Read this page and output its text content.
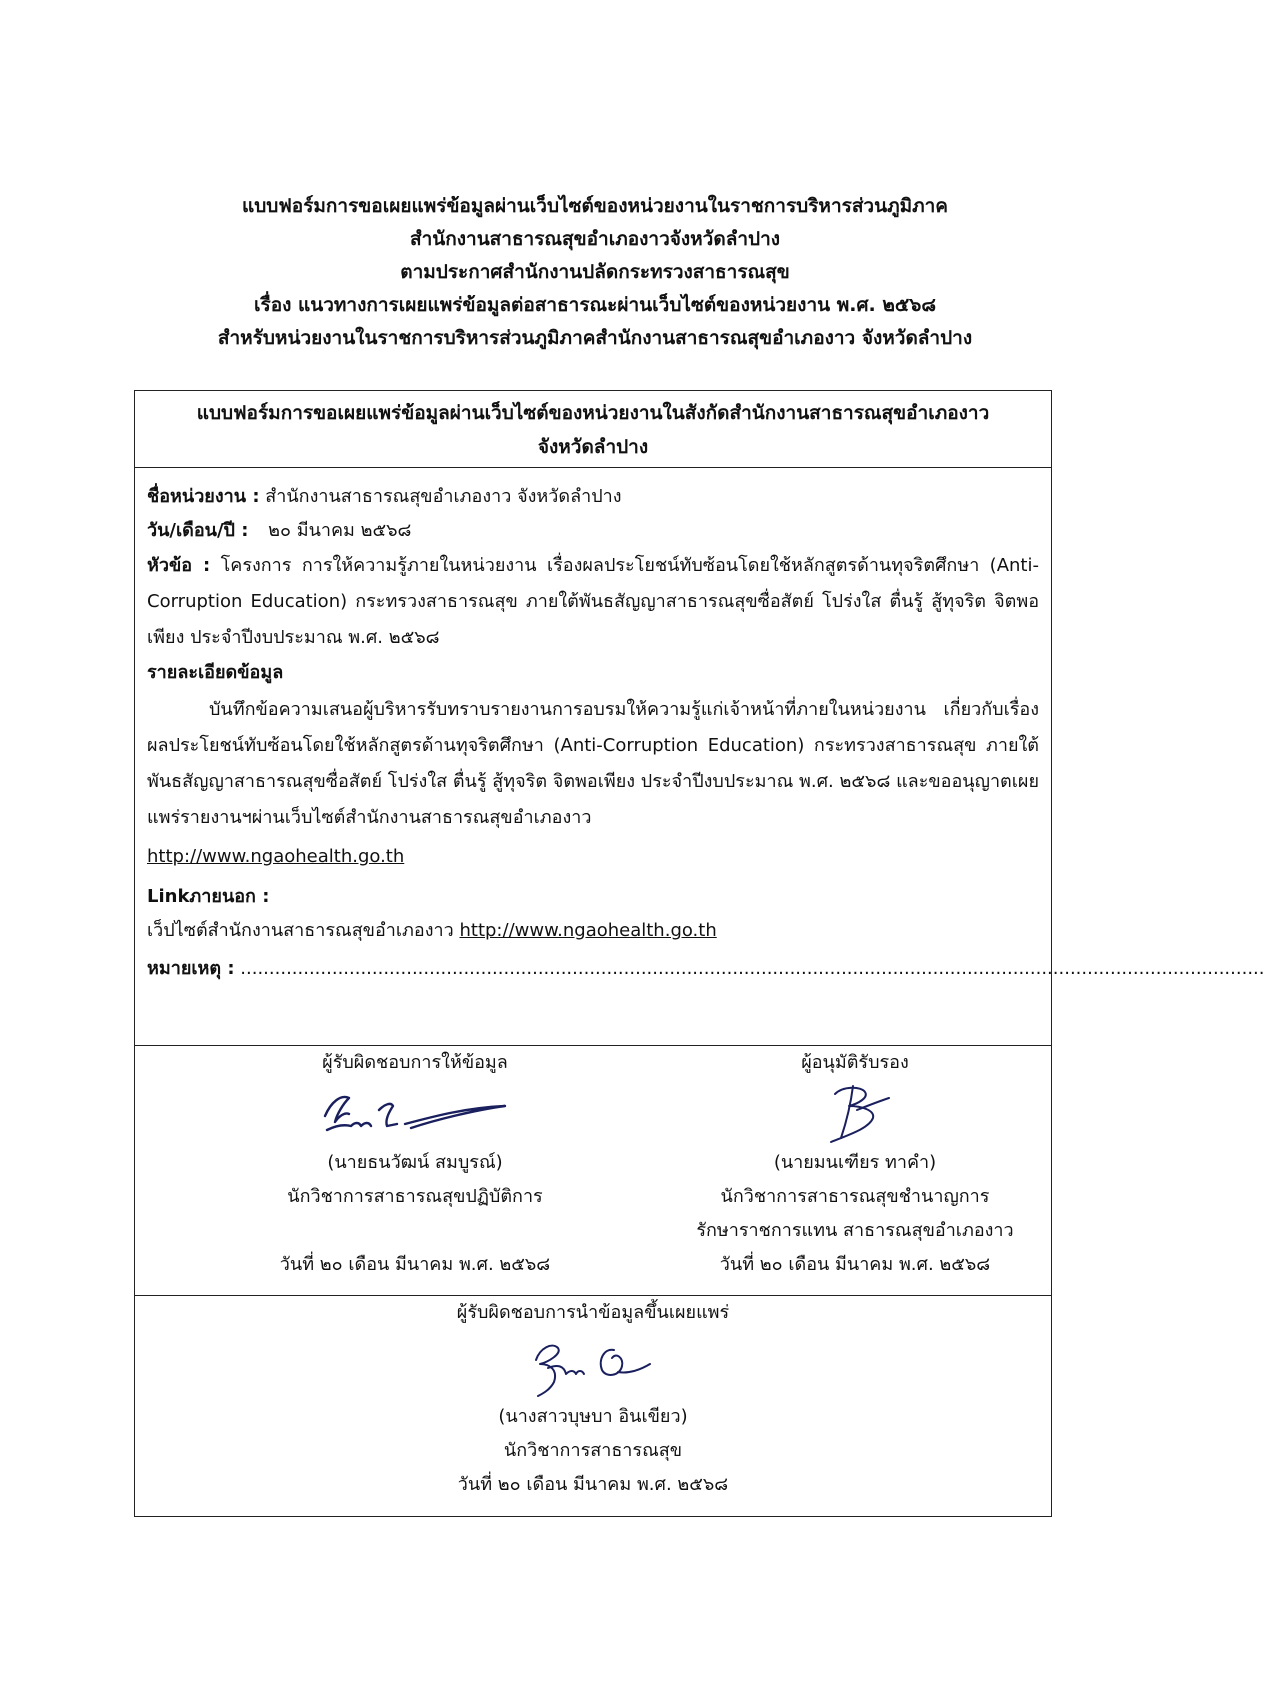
แบบฟอร์มการขอเผยแพร่ข้อมูลผ่านเว็บไซต์ของหน่วยงานในราชการบริหารส่วนภูมิภาค
สำนักงานสาธารณสุขอำเภองาวจังหวัดลำปาง
ตามประกาศสำนักงานปลัดกระทรวงสาธารณสุข
เรื่อง แนวทางการเผยแพร่ข้อมูลต่อสาธารณะผ่านเว็บไซต์ของหน่วยงาน พ.ศ. ๒๕๖๘
สำหรับหน่วยงานในราชการบริหารส่วนภูมิภาคสำนักงานสาธารณสุขอำเภองาว จังหวัดลำปาง
แบบฟอร์มการขอเผยแพร่ข้อมูลผ่านเว็บไซต์ของหน่วยงานในสังกัดสำนักงานสาธารณสุขอำเภองาว
จังหวัดลำปาง
ชื่อหน่วยงาน : สำนักงานสาธารณสุขอำเภองาว จังหวัดลำปาง
วัน/เดือน/ปี : ๒๐ มีนาคม ๒๕๖๘
หัวข้อ : โครงการ การให้ความรู้ภายในหน่วยงาน เรื่องผลประโยชน์ทับซ้อนโดยใช้หลักสูตรด้านทุจริตศึกษา (Anti-Corruption Education) กระทรวงสาธารณสุข ภายใต้พันธสัญญาสาธารณสุขซื่อสัตย์ โปร่งใส ตื่นรู้ สู้ทุจริต จิตพอเพียง ประจำปีงบประมาณ พ.ศ. ๒๕๖๘
รายละเอียดข้อมูล
บันทึกข้อความเสนอผู้บริหารรับทราบรายงานการอบรมให้ความรู้แก่เจ้าหน้าที่ภายในหน่วยงาน เกี่ยวกับเรื่องผลประโยชน์ทับซ้อนโดยใช้หลักสูตรด้านทุจริตศึกษา (Anti-Corruption Education) กระทรวงสาธารณสุข ภายใต้พันธสัญญาสาธารณสุขซื่อสัตย์ โปร่งใส ตื่นรู้ สู้ทุจริต จิตพอเพียง ประจำปีงบประมาณ พ.ศ. ๒๕๖๘ และขออนุญาตเผยแพร่รายงานฯผ่านเว็บไซต์สำนักงานสาธารณสุขอำเภองาว
http://www.ngaohealth.go.th
Linkภายนอก :
เว็ปไซต์สำนักงานสาธารณสุขอำเภองาว http://www.ngaohealth.go.th
หมายเหตุ : ...................................................................................................................................................................................
ผู้รับผิดชอบการให้ข้อมูล
(นายธนวัฒน์ สมบูรณ์)
นักวิชาการสาธารณสุขปฏิบัติการ
วันที่ ๒๐ เดือน มีนาคม พ.ศ. ๒๕๖๘
ผู้อนุมัติรับรอง
(นายมนเฑียร ทาคำ)
นักวิชาการสาธารณสุขชำนาญการ
รักษาราชการแทน สาธารณสุขอำเภองาว
วันที่ ๒๐ เดือน มีนาคม พ.ศ. ๒๕๖๘
ผู้รับผิดชอบการนำข้อมูลขึ้นเผยแพร่
(นางสาวบุษบา อินเขียว)
นักวิชาการสาธารณสุข
วันที่ ๒๐ เดือน มีนาคม พ.ศ. ๒๕๖๘
